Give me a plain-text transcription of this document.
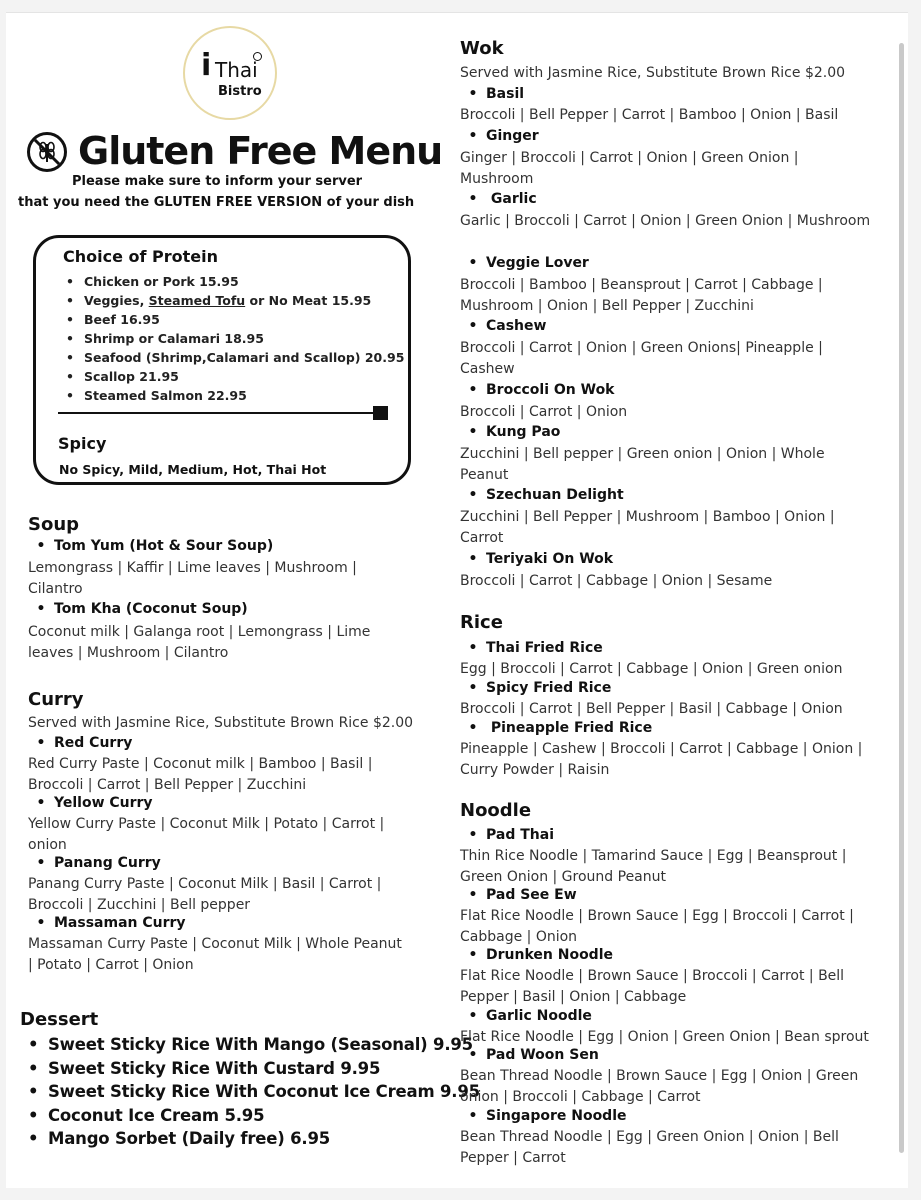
i Thai
Bistro
Gluten Free Menu
Please make sure to inform your server
that you need the GLUTEN FREE VERSION of your dish
Choice of Protein
• Chicken or Pork 15.95
• Veggies, Steamed Tofu or No Meat 15.95
• Beef 16.95
• Shrimp or Calamari 18.95
• Seafood (Shrimp,Calamari and Scallop) 20.95
• Scallop 21.95
• Steamed Salmon 22.95
Spicy
No Spicy, Mild, Medium, Hot, Thai Hot
Soup
• Tom Yum (Hot & Sour Soup)
Lemongrass | Kaffir | Lime leaves | Mushroom | Cilantro
• Tom Kha (Coconut Soup)
Coconut milk | Galanga root | Lemongrass | Lime leaves | Mushroom | Cilantro
Curry
Served with Jasmine Rice, Substitute Brown Rice $2.00
• Red Curry
Red Curry Paste | Coconut milk | Bamboo | Basil | Broccoli | Carrot | Bell Pepper | Zucchini
• Yellow Curry
Yellow Curry Paste | Coconut Milk | Potato | Carrot | onion
• Panang Curry
Panang Curry Paste | Coconut Milk | Basil | Carrot | Broccoli | Zucchini | Bell pepper
• Massaman Curry
Massaman Curry Paste | Coconut Milk | Whole Peanut | Potato | Carrot | Onion
Dessert
• Sweet Sticky Rice With Mango (Seasonal) 9.95
• Sweet Sticky Rice With Custard 9.95
• Sweet Sticky Rice With Coconut Ice Cream 9.95
• Coconut Ice Cream 5.95
• Mango Sorbet (Daily free) 6.95
Wok
Served with Jasmine Rice, Substitute Brown Rice $2.00
• Basil
Broccoli | Bell Pepper | Carrot | Bamboo | Onion | Basil
• Ginger
Ginger | Broccoli | Carrot | Onion | Green Onion | Mushroom
• Garlic
Garlic | Broccoli | Carrot | Onion | Green Onion | Mushroom
• Veggie Lover
Broccoli | Bamboo | Beansprout | Carrot | Cabbage | Mushroom | Onion | Bell Pepper | Zucchini
• Cashew
Broccoli | Carrot | Onion | Green Onions| Pineapple | Cashew
• Broccoli On Wok
Broccoli | Carrot | Onion
• Kung Pao
Zucchini | Bell pepper | Green onion | Onion | Whole Peanut
• Szechuan Delight
Zucchini | Bell Pepper | Mushroom | Bamboo | Onion | Carrot
• Teriyaki On Wok
Broccoli | Carrot | Cabbage | Onion | Sesame
Rice
• Thai Fried Rice
Egg | Broccoli | Carrot | Cabbage | Onion | Green onion
• Spicy Fried Rice
Broccoli | Carrot | Bell Pepper | Basil | Cabbage | Onion
• Pineapple Fried Rice
Pineapple | Cashew | Broccoli | Carrot | Cabbage | Onion | Curry Powder | Raisin
Noodle
• Pad Thai
Thin Rice Noodle | Tamarind Sauce | Egg | Beansprout | Green Onion | Ground Peanut
• Pad See Ew
Flat Rice Noodle | Brown Sauce | Egg | Broccoli | Carrot | Cabbage | Onion
• Drunken Noodle
Flat Rice Noodle | Brown Sauce | Broccoli | Carrot | Bell Pepper | Basil | Onion | Cabbage
• Garlic Noodle
Flat Rice Noodle | Egg | Onion | Green Onion | Bean sprout
• Pad Woon Sen
Bean Thread Noodle | Brown Sauce | Egg | Onion | Green onion | Broccoli | Cabbage | Carrot
• Singapore Noodle
Bean Thread Noodle | Egg | Green Onion | Onion | Bell Pepper | Carrot
